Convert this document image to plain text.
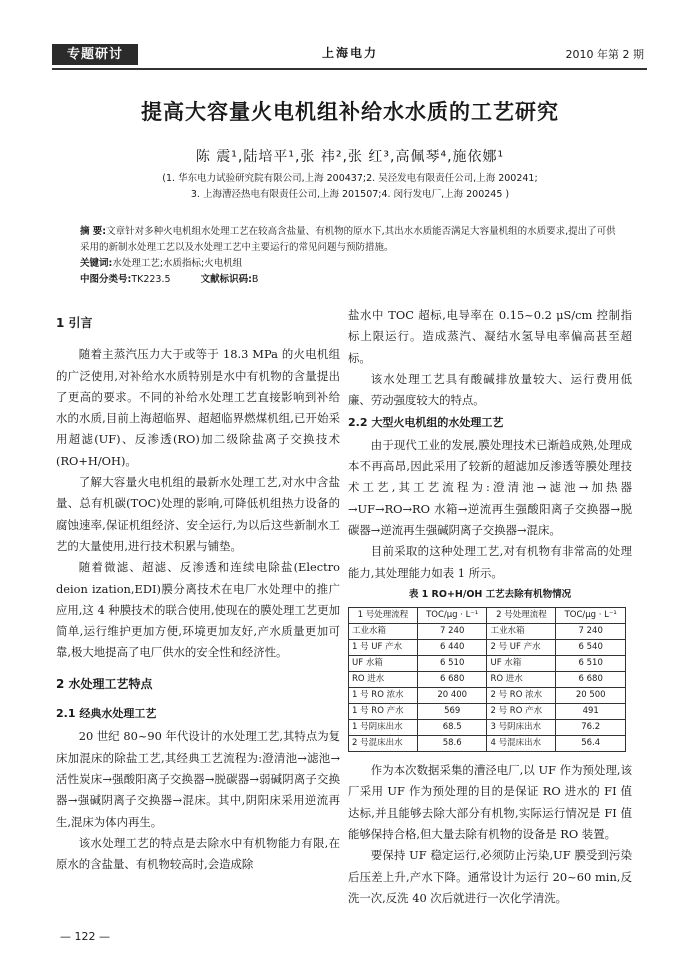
专题研讨	上海电力	2010 年第 2 期
提高大容量火电机组补给水水质的工艺研究
陈 震¹,陆培平¹,张 祎²,张 红³,高佩琴⁴,施依娜¹
(1. 华东电力试验研究院有限公司,上海 200437;2. 吴泾发电有限责任公司,上海 200241;
3. 上海漕泾热电有限责任公司,上海 201507;4. 闵行发电厂,上海 200245 )
摘 要:文章针对多种火电机组水处理工艺在较高含盐量、有机物的原水下,其出水水质能否满足大容量机组的水质要求,提出了可供采用的新制水处理工艺以及水处理工艺中主要运行的常见问题与预防措施。
关键词:水处理工艺;水质指标;火电机组
中图分类号:TK223.5	文献标识码:B
1 引言

随着主蒸汽压力大于或等于 18.3 MPa 的火电机组的广泛使用,对补给水水质特别是水中有机物的含量提出了更高的要求。不同的补给水处理工艺直接影响到补给水的水质,目前上海超临界、超超临界燃煤机组,已开始采用超滤(UF)、反渗透(RO)加二级除盐离子交换技术(RO+H/OH)。

了解大容量火电机组的最新水处理工艺,对水中含盐量、总有机碳(TOC)处理的影响,可降低机组热力设备的腐蚀速率,保证机组经济、安全运行,为以后这些新制水工艺的大量使用,进行技术积累与铺垫。

随着微滤、超滤、反渗透和连续电除盐(Electro deion ization,EDI)膜分离技术在电厂水处理中的推广应用,这 4 种膜技术的联合使用,使现在的膜处理工艺更加简单,运行维护更加方便,环境更加友好,产水质量更加可靠,极大地提高了电厂供水的安全性和经济性。

2 水处理工艺特点
2.1 经典水处理工艺

20 世纪 80~90 年代设计的水处理工艺,其特点为复床加混床的除盐工艺,其经典工艺流程为:澄清池→滤池→活性炭床→强酸阳离子交换器→脱碳器→弱碱阴离子交换器→强碱阴离子交换器→混床。其中,阴阳床采用逆流再生,混床为体内再生。

该水处理工艺的特点是去除水中有机物能力有限,在原水的含盐量、有机物较高时,会造成除

盐水中 TOC 超标,电导率在 0.15~0.2 μS/cm 控制指标上限运行。造成蒸汽、凝结水氢导电率偏高甚至超标。

该水处理工艺具有酸碱排放量较大、运行费用低廉、劳动强度较大的特点。

2.2 大型火电机组的水处理工艺

由于现代工业的发展,膜处理技术已渐趋成熟,处理成本不再高昂,因此采用了较新的超滤加反渗透等膜处理技术工艺,其工艺流程为:澄清池→滤池→加热器→UF→RO→RO 水箱→逆流再生强酸阳离子交换器→脱碳器→逆流再生强碱阴离子交换器→混床。

目前采取的这种处理工艺,对有机物有非常高的处理能力,其处理能力如表 1 所示。

表 1 RO+H/OH 工艺去除有机物情况
1 号处理流程	TOC/μg · L⁻¹	2 号处理流程	TOC/μg · L⁻¹
工业水箱	7 240	工业水箱	7 240
1 号 UF 产水	6 440	2 号 UF 产水	6 540
UF 水箱	6 510	UF 水箱	6 510
RO 进水	6 680	RO 进水	6 680
1 号 RO 浓水	20 400	2 号 RO 浓水	20 500
1 号 RO 产水	569	2 号 RO 产水	491
1 号阴床出水	68.5	3 号阴床出水	76.2
2 号混床出水	58.6	4 号混床出水	56.4

作为本次数据采集的漕泾电厂,以 UF 作为预处理,该厂采用 UF 作为预处理的目的是保证 RO 进水的 FI 值达标,并且能够去除大部分有机物,实际运行情况是 FI 值能够保持合格,但大量去除有机物的设备是 RO 装置。

要保持 UF 稳定运行,必须防止污染,UF 膜受到污染后压差上升,产水下降。通常设计为运行 20~60 min,反洗一次,反洗 40 次后就进行一次化学清洗。

— 122 —
